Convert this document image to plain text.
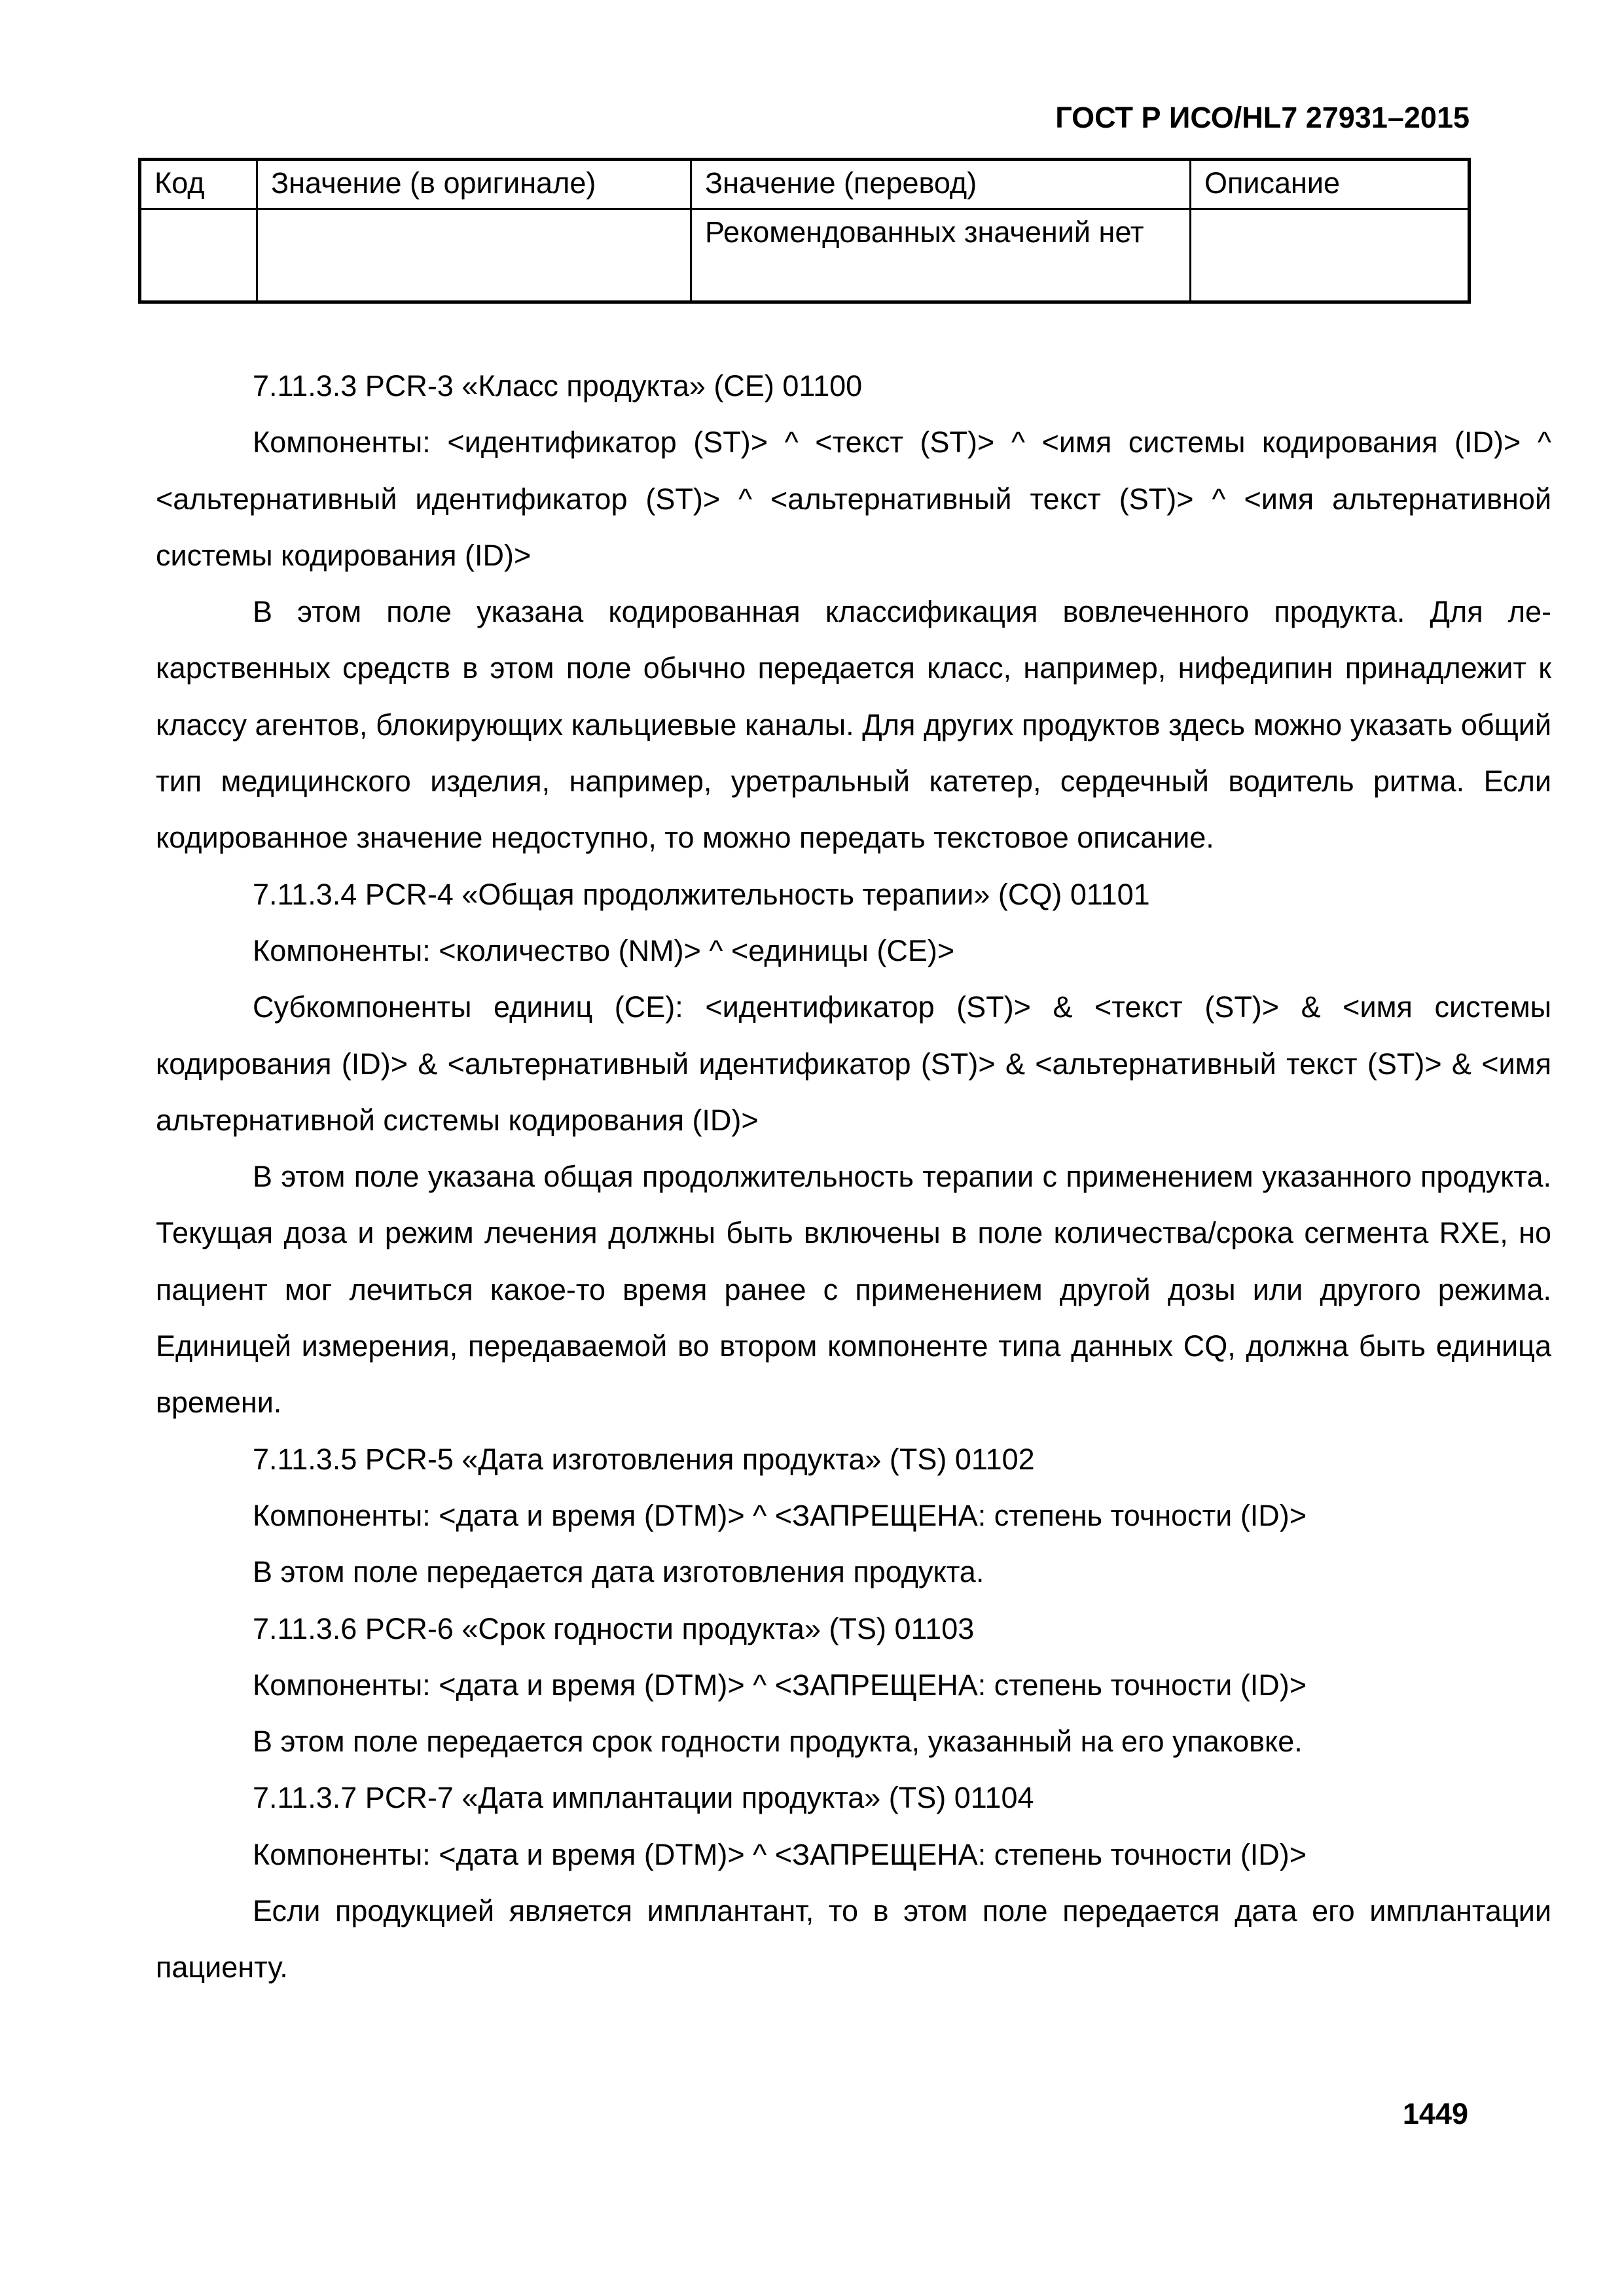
ГОСТ Р ИСО/HL7 27931–2015
Код	Значение (в оригинале)	Значение (перевод)	Описание
		Рекомендованных значений нет	

7.11.3.3 PCR-3 «Класс продукта» (CE) 01100

Компоненты: <идентификатор (ST)> ^ <текст (ST)> ^ <имя системы кодирования (ID)> ^ <альтернативный идентификатор (ST)> ^ <альтернативный текст (ST)> ^ <имя альтернативной системы кодирования (ID)>

В этом поле указана кодированная классификация вовлеченного продукта. Для лекарственных средств в этом поле обычно передается класс, например, нифедипин принадлежит к классу агентов, блокирующих кальциевые каналы. Для других продуктов здесь можно указать общий тип медицинского изделия, например, уретральный катетер, сердечный водитель ритма. Если кодированное значение недоступно, то можно передать текстовое описание.

7.11.3.4 PCR-4 «Общая продолжительность терапии» (CQ) 01101

Компоненты: <количество (NM)> ^ <единицы (CE)>

Субкомпоненты единиц (CE): <идентификатор (ST)> & <текст (ST)> & <имя системы кодирования (ID)> & <альтернативный идентификатор (ST)> & <альтернативный текст (ST)> & <имя альтернативной системы кодирования (ID)>

В этом поле указана общая продолжительность терапии с применением указанного продукта. Текущая доза и режим лечения должны быть включены в поле количества/срока сегмента RXE, но пациент мог лечиться какое-то время ранее с применением другой дозы или другого режима. Единицей измерения, передаваемой во втором компоненте типа данных CQ, должна быть единица времени.

7.11.3.5 PCR-5 «Дата изготовления продукта» (TS) 01102

Компоненты: <дата и время (DTM)> ^ <ЗАПРЕЩЕНА: степень точности (ID)>

В этом поле передается дата изготовления продукта.

7.11.3.6 PCR-6 «Срок годности продукта» (TS) 01103

Компоненты: <дата и время (DTM)> ^ <ЗАПРЕЩЕНА: степень точности (ID)>

В этом поле передается срок годности продукта, указанный на его упаковке.

7.11.3.7 PCR-7 «Дата имплантации продукта» (TS) 01104

Компоненты: <дата и время (DTM)> ^ <ЗАПРЕЩЕНА: степень точности (ID)>

Если продукцией является имплантант, то в этом поле передается дата его имплантации пациенту.

1449
